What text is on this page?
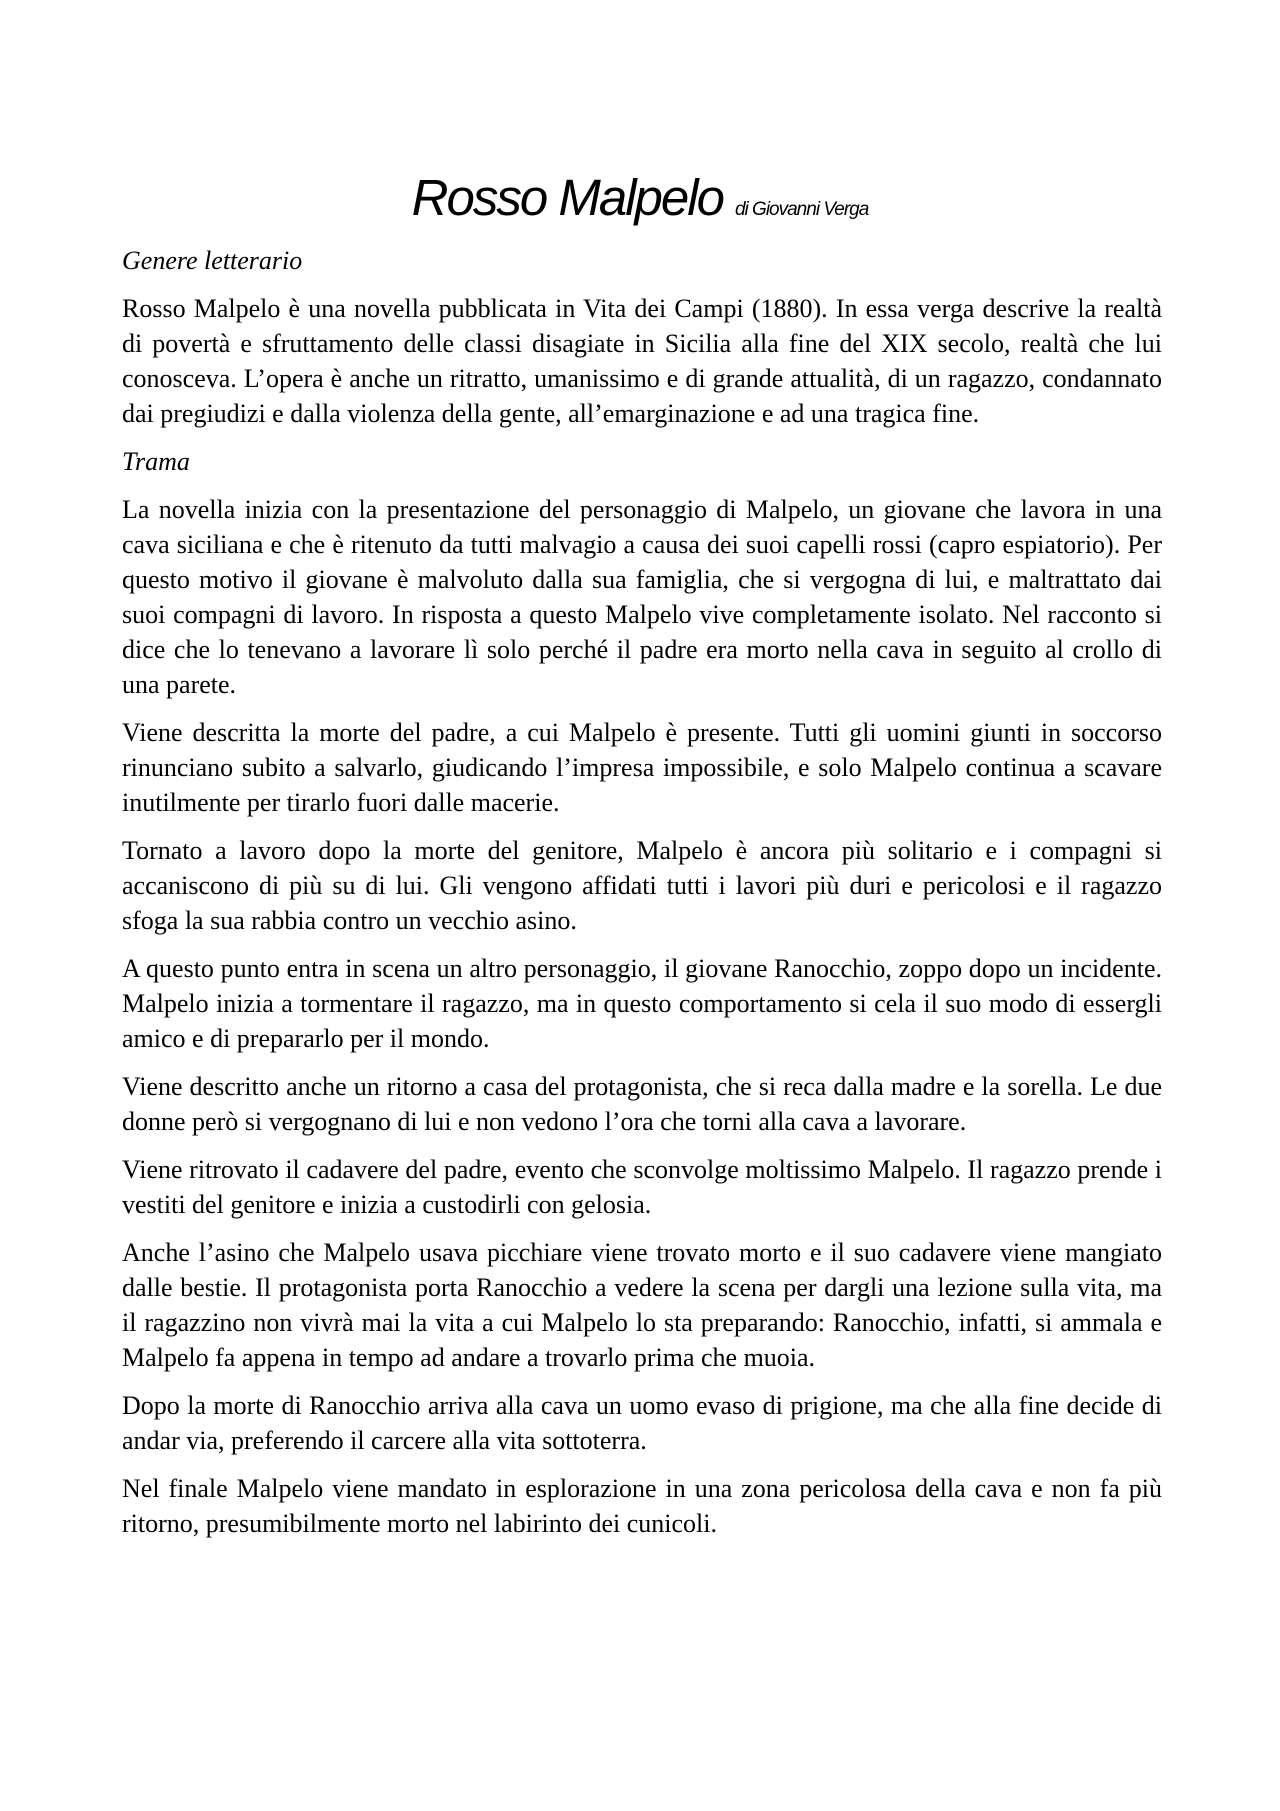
Rosso Malpelo di Giovanni Verga
Genere letterario

Rosso Malpelo è una novella pubblicata in Vita dei Campi (1880). In essa verga descrive la realtà di povertà e sfruttamento delle classi disagiate in Sicilia alla fine del XIX secolo, realtà che lui conosceva. L’opera è anche un ritratto, umanissimo e di grande attualità, di un ragazzo, condannato dai pregiudizi e dalla violenza della gente, all’emarginazione e ad una tragica fine.

Trama

La novella inizia con la presentazione del personaggio di Malpelo, un giovane che lavora in una cava siciliana e che è ritenuto da tutti malvagio a causa dei suoi capelli rossi (capro espiatorio). Per questo motivo il giovane è malvoluto dalla sua famiglia, che si vergogna di lui, e maltrattato dai suoi compagni di lavoro. In risposta a questo Malpelo vive completamente isolato. Nel racconto si dice che lo tenevano a lavorare lì solo perché il padre era morto nella cava in seguito al crollo di una parete.

Viene descritta la morte del padre, a cui Malpelo è presente. Tutti gli uomini giunti in soccorso rinunciano subito a salvarlo, giudicando l’impresa impossibile, e solo Malpelo continua a scavare inutilmente per tirarlo fuori dalle macerie.

Tornato a lavoro dopo la morte del genitore, Malpelo è ancora più solitario e i compagni si accaniscono di più su di lui. Gli vengono affidati tutti i lavori più duri e pericolosi e il ragazzo sfoga la sua rabbia contro un vecchio asino.

A questo punto entra in scena un altro personaggio, il giovane Ranocchio, zoppo dopo un incidente. Malpelo inizia a tormentare il ragazzo, ma in questo comportamento si cela il suo modo di essergli amico e di prepararlo per il mondo.

Viene descritto anche un ritorno a casa del protagonista, che si reca dalla madre e la sorella. Le due donne però si vergognano di lui e non vedono l’ora che torni alla cava a lavorare.

Viene ritrovato il cadavere del padre, evento che sconvolge moltissimo Malpelo. Il ragazzo prende i vestiti del genitore e inizia a custodirli con gelosia.

Anche l’asino che Malpelo usava picchiare viene trovato morto e il suo cadavere viene mangiato dalle bestie. Il protagonista porta Ranocchio a vedere la scena per dargli una lezione sulla vita, ma il ragazzino non vivrà mai la vita a cui Malpelo lo sta preparando: Ranocchio, infatti, si ammala e Malpelo fa appena in tempo ad andare a trovarlo prima che muoia.

Dopo la morte di Ranocchio arriva alla cava un uomo evaso di prigione, ma che alla fine decide di andar via, preferendo il carcere alla vita sottoterra.

Nel finale Malpelo viene mandato in esplorazione in una zona pericolosa della cava e non fa più ritorno, presumibilmente morto nel labirinto dei cunicoli.
